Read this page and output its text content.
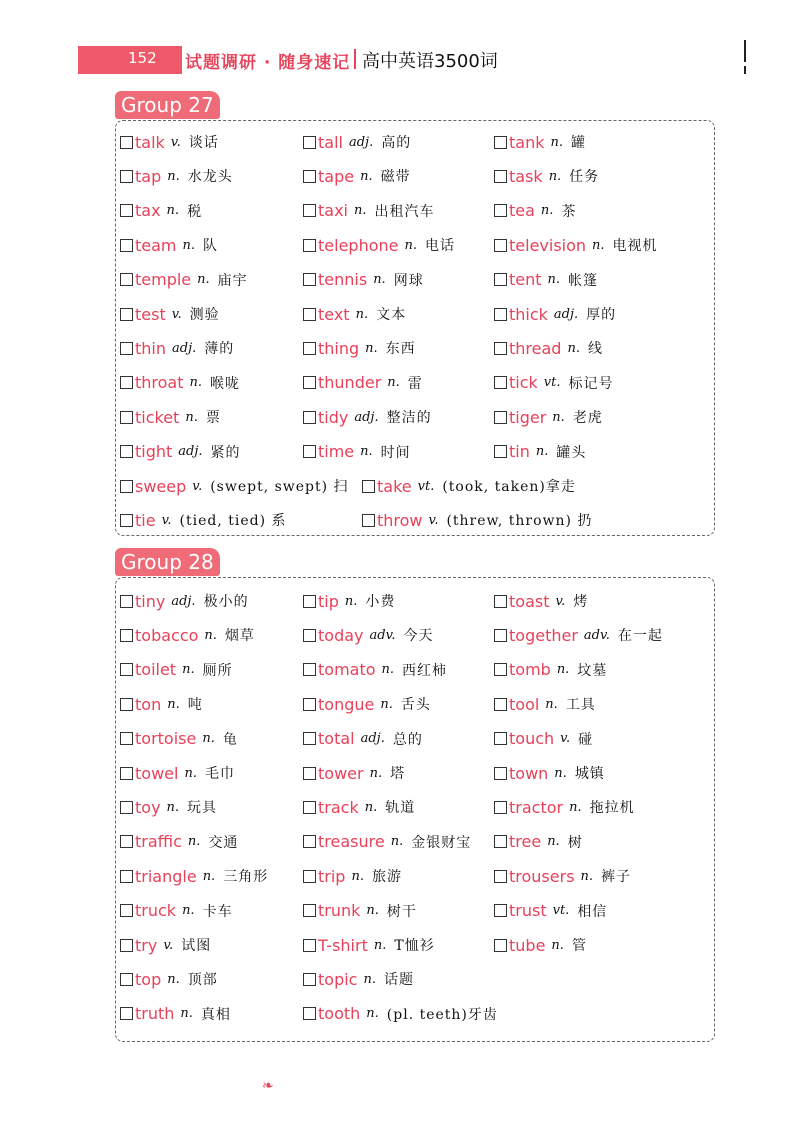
152 试题调研 · 随身速记 高中英语3500词
Group 27
talk v. 谈话	tall adj. 高的	tank n. 罐
tap n. 水龙头	tape n. 磁带	task n. 任务
tax n. 税	taxi n. 出租汽车	tea n. 茶
team n. 队	telephone n. 电话	television n. 电视机
temple n. 庙宇	tennis n. 网球	tent n. 帐篷
test v. 测验	text n. 文本	thick adj. 厚的
thin adj. 薄的	thing n. 东西	thread n. 线
throat n. 喉咙	thunder n. 雷	tick vt. 标记号
ticket n. 票	tidy adj. 整洁的	tiger n. 老虎
tight adj. 紧的	time n. 时间	tin n. 罐头
sweep v. (swept, swept) 扫 take vt. (took, taken)拿走
tie v. (tied, tied) 系	throw v. (threw, thrown) 扔
Group 28
tiny adj. 极小的	tip n. 小费	toast v. 烤
tobacco n. 烟草	today adv. 今天	together adv. 在一起
toilet n. 厕所	tomato n. 西红柿	tomb n. 坟墓
ton n. 吨	tongue n. 舌头	tool n. 工具
tortoise n. 龟	total adj. 总的	touch v. 碰
towel n. 毛巾	tower n. 塔	town n. 城镇
toy n. 玩具	track n. 轨道	tractor n. 拖拉机
traffic n. 交通	treasure n. 金银财宝 tree n. 树
triangle n. 三角形	trip n. 旅游	trousers n. 裤子
truck n. 卡车	trunk n. 树干	trust vt. 相信
try v. 试图	T-shirt n. T恤衫	tube n. 管
top n. 顶部	topic n. 话题
truth n. 真相	tooth n. (pl. teeth)牙齿
❧
